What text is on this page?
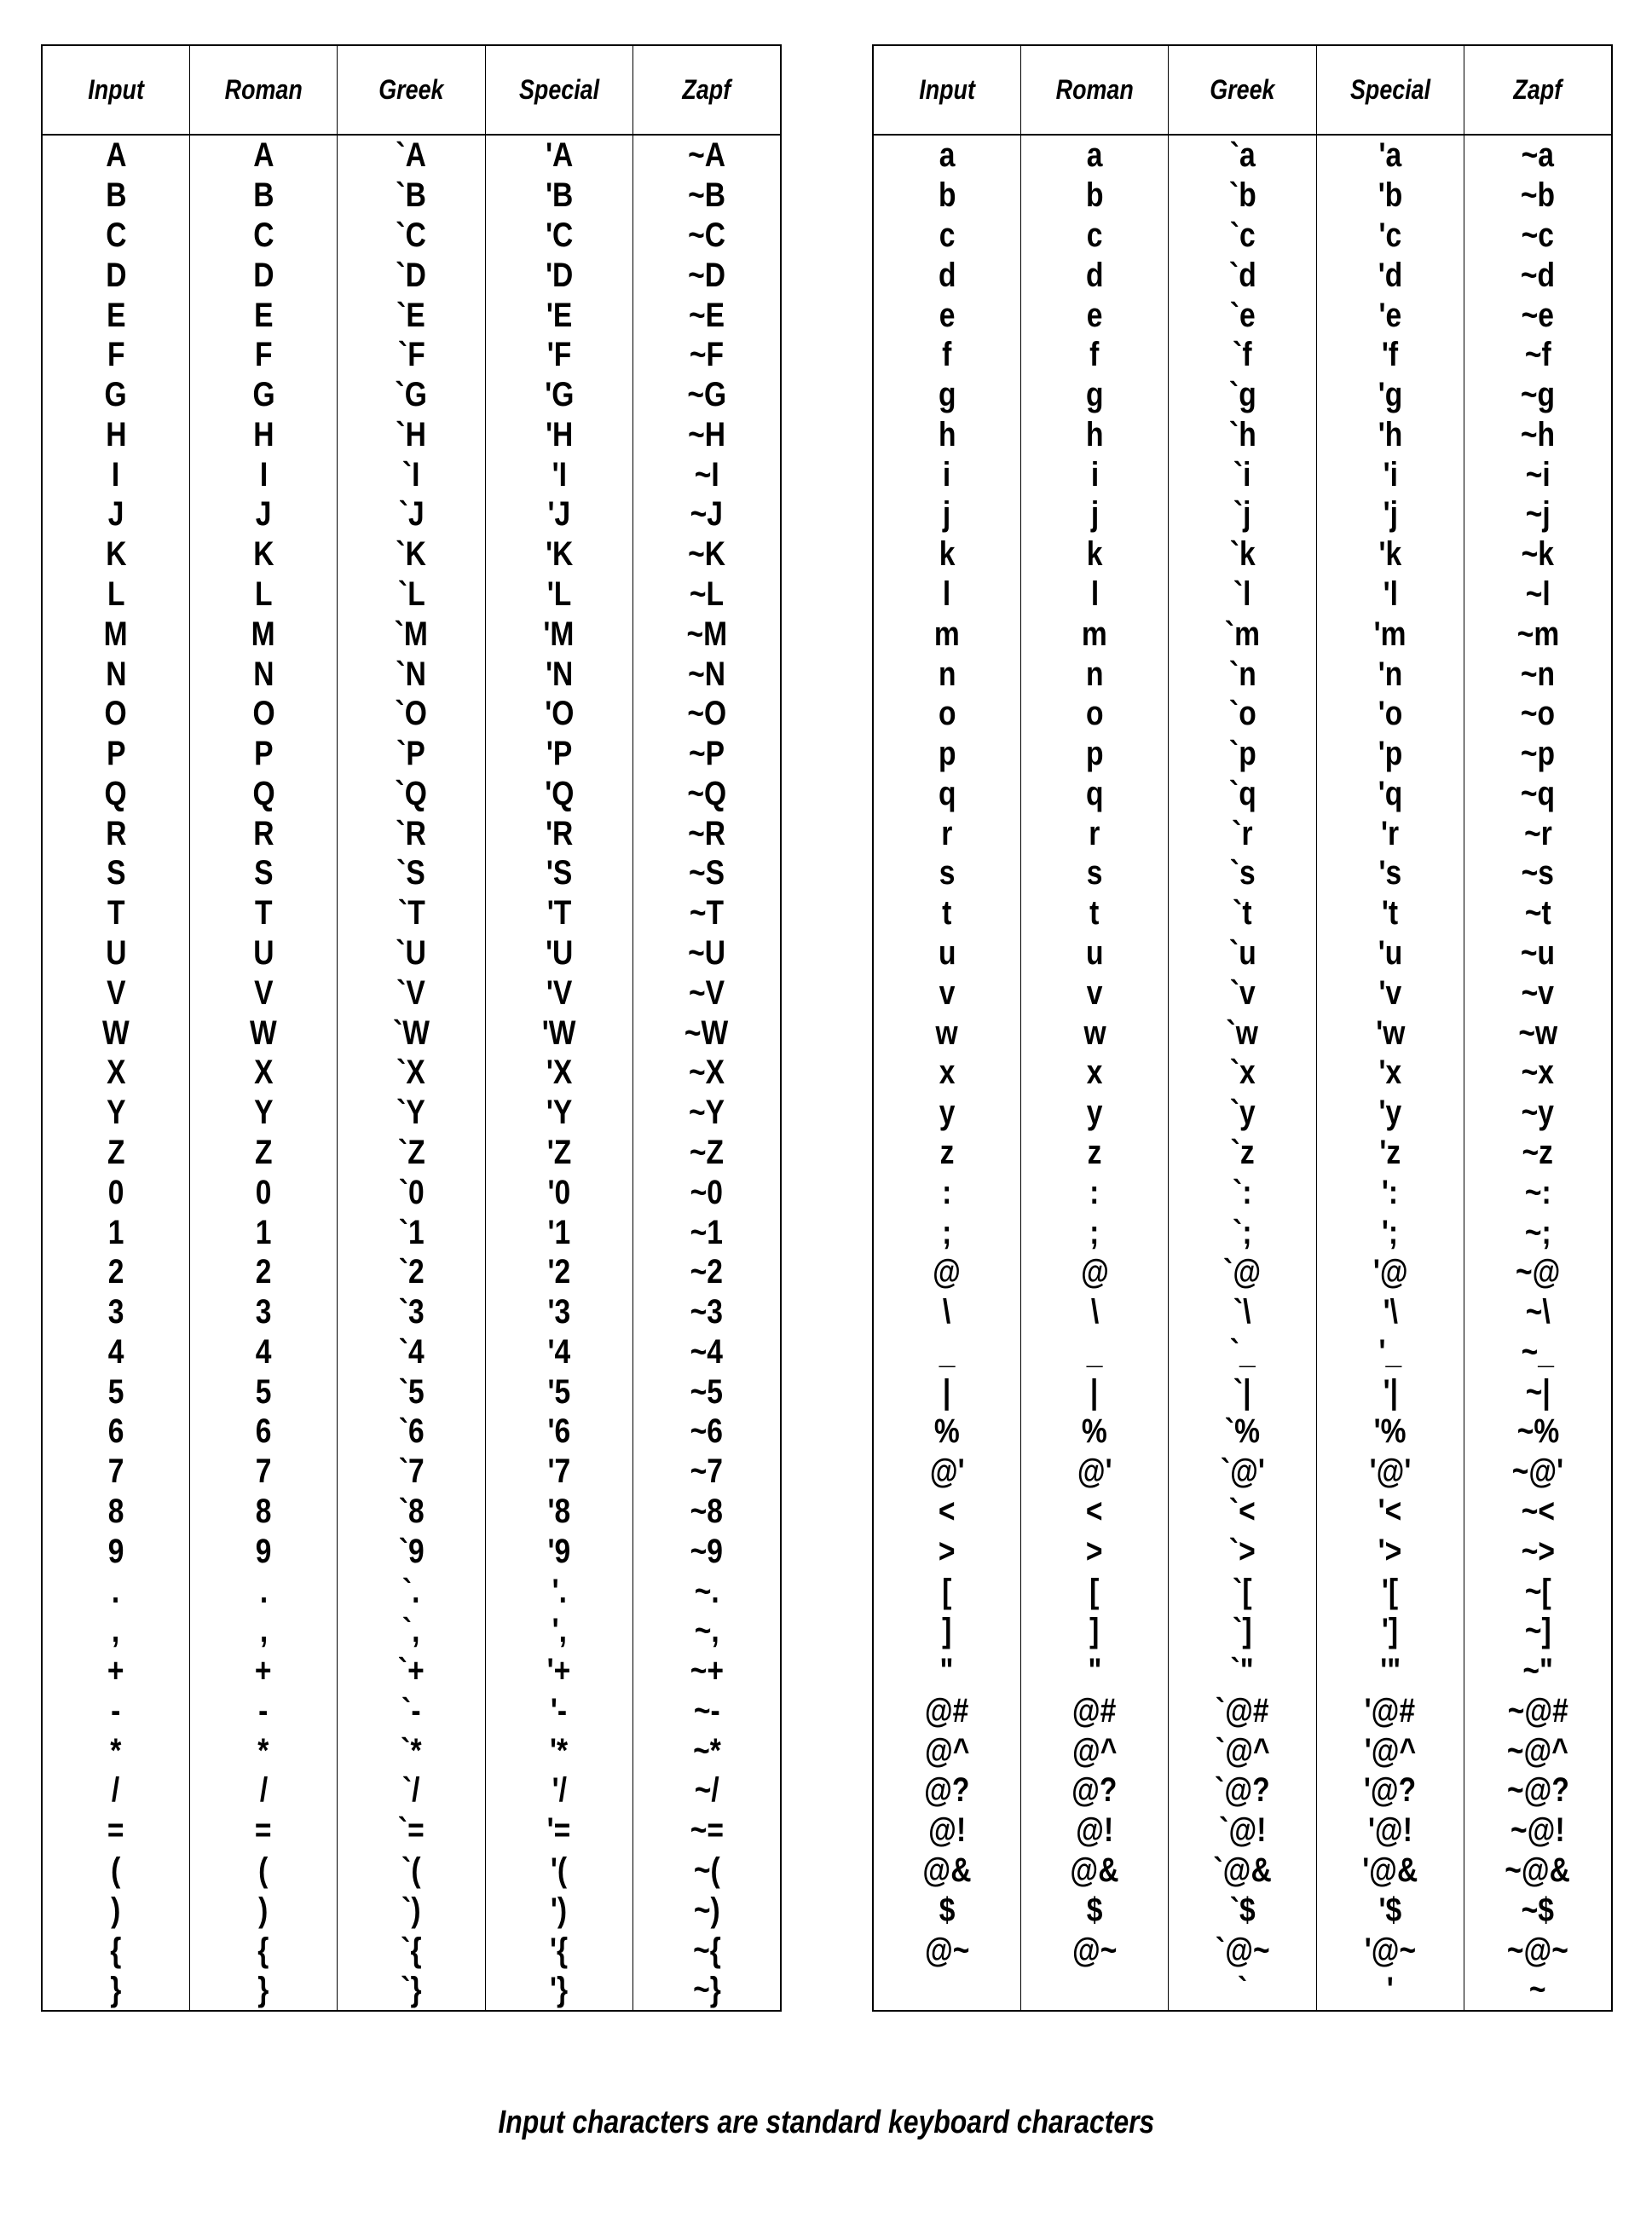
Input	Roman	Greek	Special	Zapf
A	A	`A	'A	~A
B	B	`B	'B	~B
C	C	`C	'C	~C
D	D	`D	'D	~D
E	E	`E	'E	~E
F	F	`F	'F	~F
G	G	`G	'G	~G
H	H	`H	'H	~H
I	I	`I	'I	~I
J	J	`J	'J	~J
K	K	`K	'K	~K
L	L	`L	'L	~L
M	M	`M	'M	~M
N	N	`N	'N	~N
O	O	`O	'O	~O
P	P	`P	'P	~P
Q	Q	`Q	'Q	~Q
R	R	`R	'R	~R
S	S	`S	'S	~S
T	T	`T	'T	~T
U	U	`U	'U	~U
V	V	`V	'V	~V
W	W	`W	'W	~W
X	X	`X	'X	~X
Y	Y	`Y	'Y	~Y
Z	Z	`Z	'Z	~Z
0	0	`0	'0	~0
1	1	`1	'1	~1
2	2	`2	'2	~2
3	3	`3	'3	~3
4	4	`4	'4	~4
5	5	`5	'5	~5
6	6	`6	'6	~6
7	7	`7	'7	~7
8	8	`8	'8	~8
9	9	`9	'9	~9
.	.	`.	'.	~.
,	,	`,	',	~,
+	+	`+	'+	~+
-	-	`-	'-	~-
*	*	`*	'*	~*
/	/	`/	'/	~/
=	=	`=	'=	~=
(	(	`(	'(	~(
)	)	`)	')	~)
{	{	`{	'{	~{
}	}	`}	'}	~}
Input	Roman	Greek	Special	Zapf
a	a	`a	'a	~a
b	b	`b	'b	~b
c	c	`c	'c	~c
d	d	`d	'd	~d
e	e	`e	'e	~e
f	f	`f	'f	~f
g	g	`g	'g	~g
h	h	`h	'h	~h
i	i	`i	'i	~i
j	j	`j	'j	~j
k	k	`k	'k	~k
l	l	`l	'l	~l
m	m	`m	'm	~m
n	n	`n	'n	~n
o	o	`o	'o	~o
p	p	`p	'p	~p
q	q	`q	'q	~q
r	r	`r	'r	~r
s	s	`s	's	~s
t	t	`t	't	~t
u	u	`u	'u	~u
v	v	`v	'v	~v
w	w	`w	'w	~w
x	x	`x	'x	~x
y	y	`y	'y	~y
z	z	`z	'z	~z
:	:	`:	':	~:
;	;	`;	';	~;
@	@	`@	'@	~@
\	\	`\	'\	~\
_	_	`_	'_	~_
|	|	`|	'|	~|
%	%	`%	'%	~%
@'	@'	`@'	'@'	~@'
<	<	`<	'<	~<
>	>	`>	'>	~>
[	[	`[	'[	~[
]	]	`]	']	~]
"	"	`"	'"	~"
@#	@#	`@#	'@#	~@#
@^	@^	`@^	'@^	~@^
@?	@?	`@?	'@?	~@?
@!	@!	`@!	'@!	~@!
@&	@&	`@&	'@&	~@&
$	$	`$	'$	~$
@~	@~	`@~	'@~	~@~
		`	'	~
Input characters are standard keyboard characters
